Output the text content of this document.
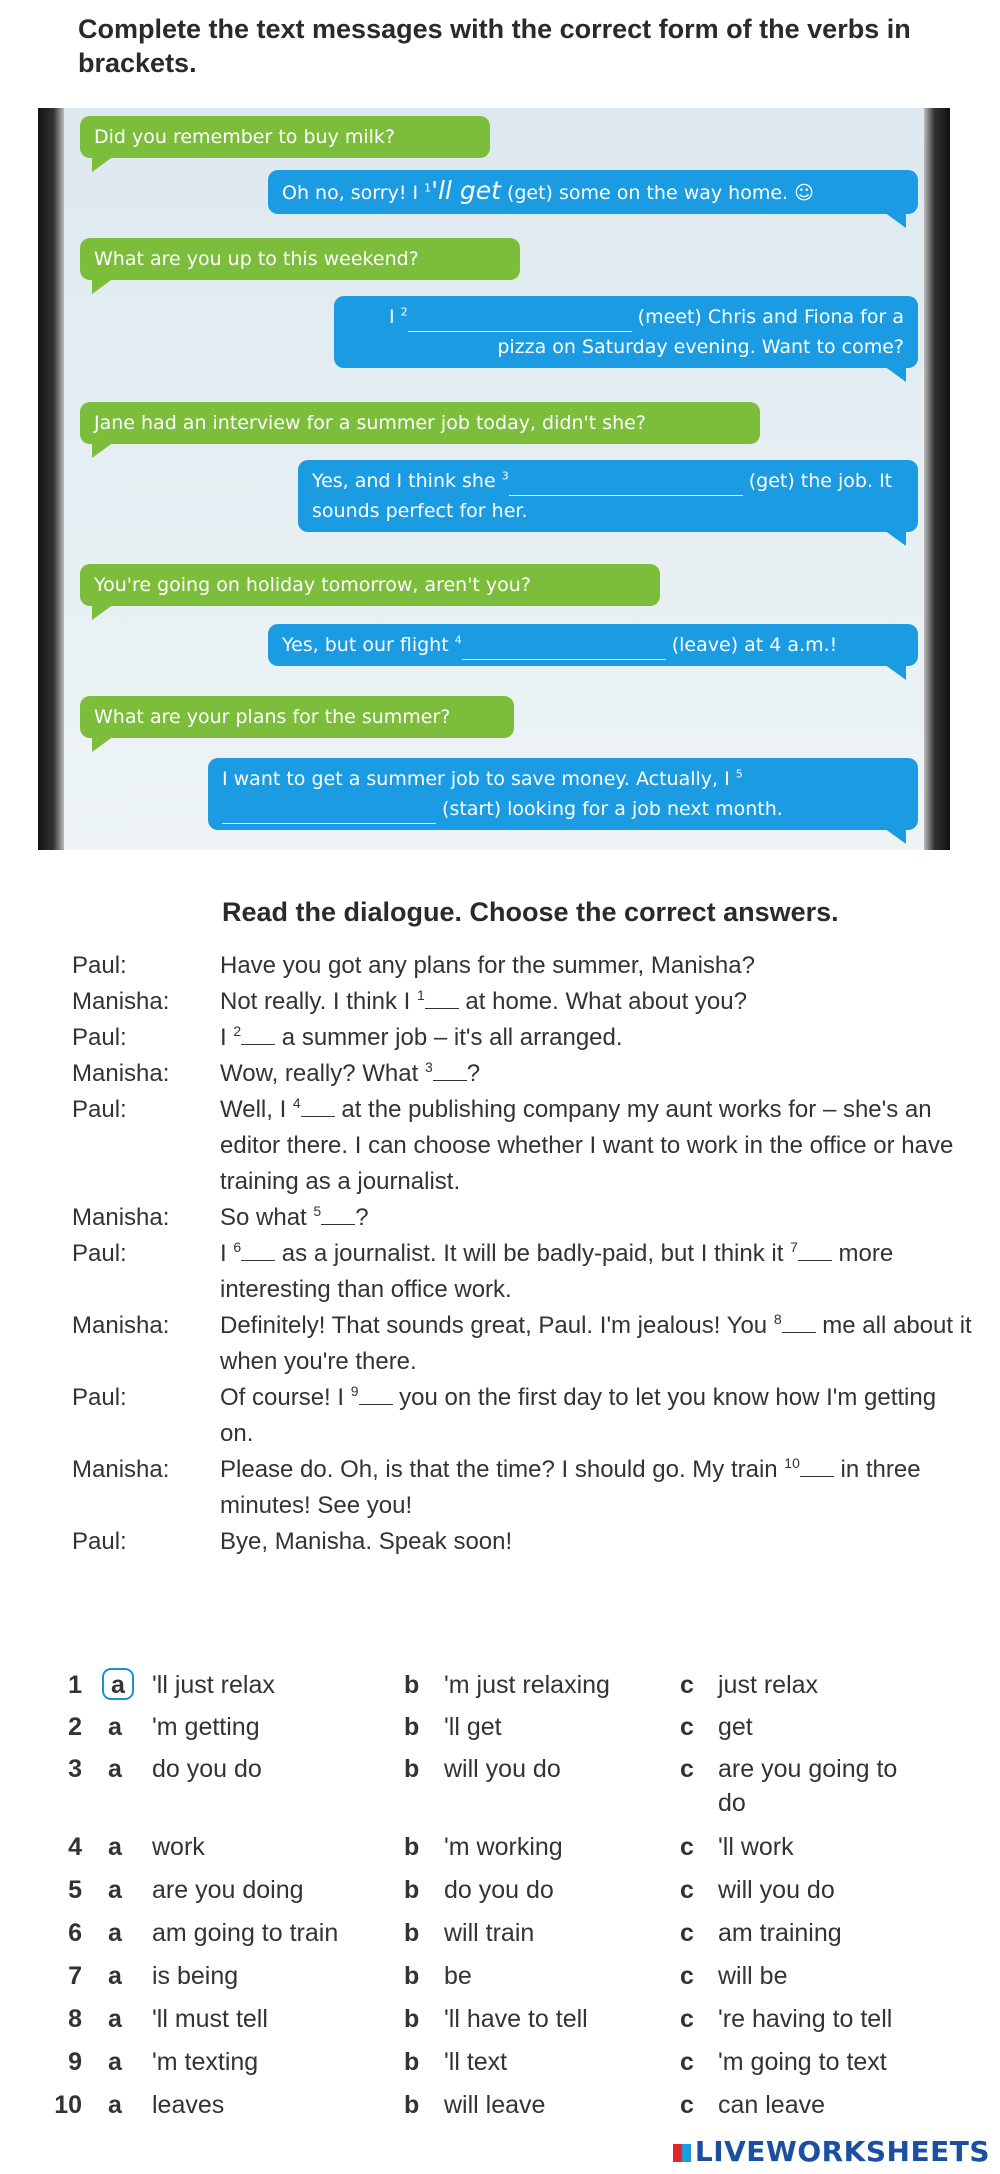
Complete the text messages with the correct form of the verbs in brackets.
Did you remember to buy milk?
Oh no, sorry! I $^1$'ll get (get) some on the way home. ☺
What are you up to this weekend?
I $^2$	(meet) Chris and Fiona for a pizza on Saturday evening. Want to come?
Jane had an interview for a summer job today, didn't she?
Yes, and I think she $^3$	(get) the job. It sounds perfect for her.
You're going on holiday tomorrow, aren't you?
Yes, but our flight $^4$	(leave) at 4 a.m.!
What are your plans for the summer?
I want to get a summer job to save money. Actually, I $^5$ (start) looking for a job next month.
Read the dialogue. Choose the correct answers.
Paul:	Have you got any plans for the summer, Manisha?
Manisha:	Not really. I think I $^1$ at home. What about you?
Paul:	I $^2$ a summer job – it's all arranged.
Manisha:	Wow, really? What $^3$ ?
Paul:	Well, I $^4$ at the publishing company my aunt works for – she's an editor there. I can choose whether I want to work in the office or have training as a journalist.
Manisha:	So what $^5$ ?
Paul:	I $^6$ as a journalist. It will be badly-paid, but I think it $^7$ more interesting than office work.
Manisha:	Definitely! That sounds great, Paul. I'm jealous! You $^8$ me all about it when you're there.
Paul:	Of course! I $^9$ you on the first day to let you know how I'm getting on.
Manisha:	Please do. Oh, is that the time? I should go. My train $^{10}$ in three minutes! See you!
Paul:	Bye, Manisha. Speak soon!
1 a	'll just relax	b 'm just relaxing	c just relax
2 a 'm getting	b 'll get	c get
3 a do you do	b will you do	c are you going to do
4 a work	b 'm working	c 'll work
5 a are you doing	b do you do	c will you do
6 a am going to train	b will train	c am training
7 a is being	b be	c will be
8 a 'll must tell	b 'll have to tell	c 're having to tell
9 a 'm texting	b 'll text	c 'm going to text
10 a leaves	b will leave	c can leave
LIVEWORKSHEETS
